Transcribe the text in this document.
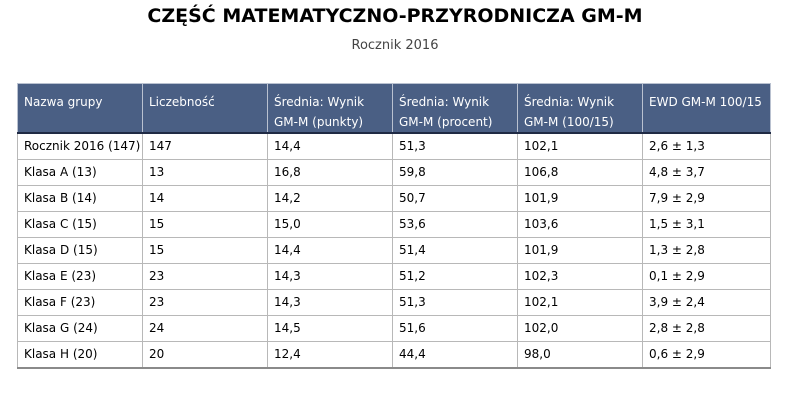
CZĘŚĆ MATEMATYCZNO-PRZYRODNICZA GM-M
Rocznik 2016
Nazwa grupy	Liczebność	Średnia: Wynik GM-M (punkty)	Średnia: Wynik GM-M (procent)	Średnia: Wynik GM-M (100/15)	EWD GM-M 100/15
Rocznik 2016 (147)	147	14,4	51,3	102,1	2,6 ± 1,3
Klasa A (13)	13	16,8	59,8	106,8	4,8 ± 3,7
Klasa B (14)	14	14,2	50,7	101,9	7,9 ± 2,9
Klasa C (15)	15	15,0	53,6	103,6	1,5 ± 3,1
Klasa D (15)	15	14,4	51,4	101,9	1,3 ± 2,8
Klasa E (23)	23	14,3	51,2	102,3	0,1 ± 2,9
Klasa F (23)	23	14,3	51,3	102,1	3,9 ± 2,4
Klasa G (24)	24	14,5	51,6	102,0	2,8 ± 2,8
Klasa H (20)	20	12,4	44,4	98,0	0,6 ± 2,9
